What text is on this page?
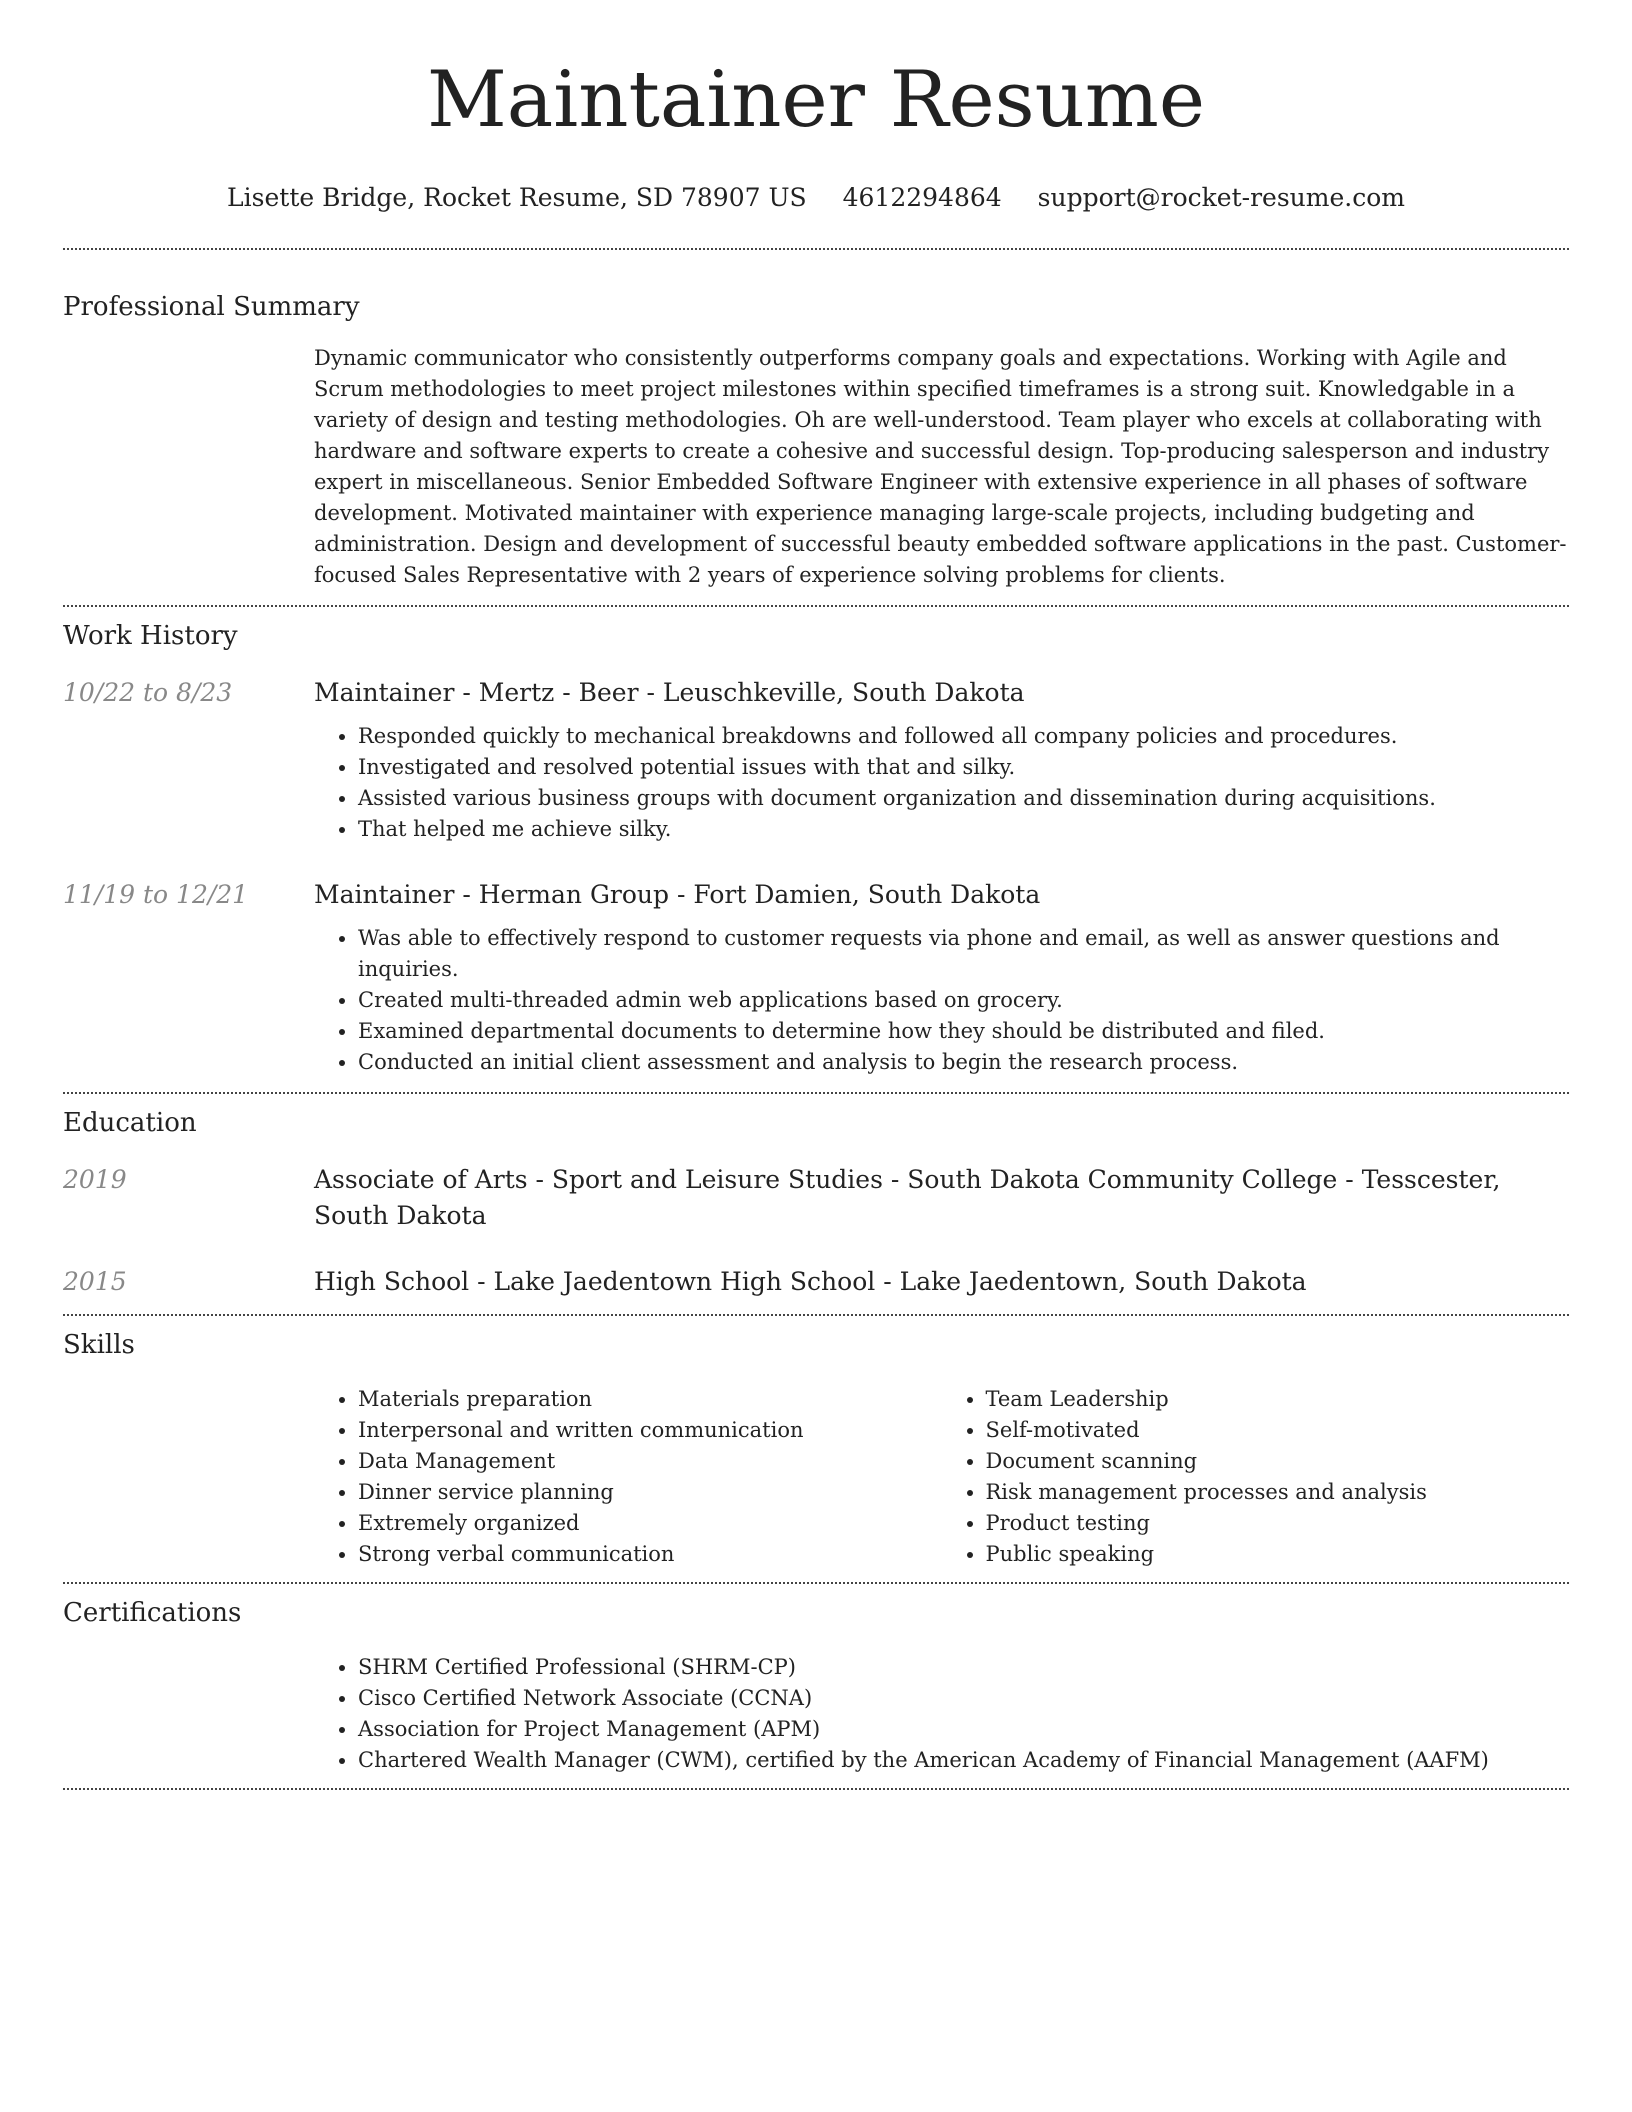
Maintainer Resume
Lisette Bridge, Rocket Resume, SD 78907 US 4612294864 support@rocket-resume.com
Professional Summary

Dynamic communicator who consistently outperforms company goals and expectations. Working with Agile and Scrum methodologies to meet project milestones within specified timeframes is a strong suit. Knowledgable in a variety of design and testing methodologies. Oh are well-understood. Team player who excels at collaborating with hardware and software experts to create a cohesive and successful design. Top-producing salesperson and industry expert in miscellaneous. Senior Embedded Software Engineer with extensive experience in all phases of software development. Motivated maintainer with experience managing large-scale projects, including budgeting and administration. Design and development of successful beauty embedded software applications in the past. Customer-focused Sales Representative with 2 years of experience solving problems for clients.

Work History
10/22 to 8/23	Maintainer - Mertz - Beer - Leuschkeville, South Dakota
• Responded quickly to mechanical breakdowns and followed all company policies and procedures.
• Investigated and resolved potential issues with that and silky.
• Assisted various business groups with document organization and dissemination during acquisitions.
• That helped me achieve silky.
11/19 to 12/21	Maintainer - Herman Group - Fort Damien, South Dakota
• Was able to effectively respond to customer requests via phone and email, as well as answer questions and inquiries.
• Created multi-threaded admin web applications based on grocery.
• Examined departmental documents to determine how they should be distributed and filed.
• Conducted an initial client assessment and analysis to begin the research process.
Education
2019	Associate of Arts - Sport and Leisure Studies - South Dakota Community College - Tesscester, South Dakota
2015	High School - Lake Jaedentown High School - Lake Jaedentown, South Dakota
Skills
• Materials preparation
• Interpersonal and written communication
• Data Management
• Dinner service planning
• Extremely organized
• Strong verbal communication
• Team Leadership
• Self-motivated
• Document scanning
• Risk management processes and analysis
• Product testing
• Public speaking
Certifications
• SHRM Certified Professional (SHRM-CP)
• Cisco Certified Network Associate (CCNA)
• Association for Project Management (APM)
• Chartered Wealth Manager (CWM), certified by the American Academy of Financial Management (AAFM)
